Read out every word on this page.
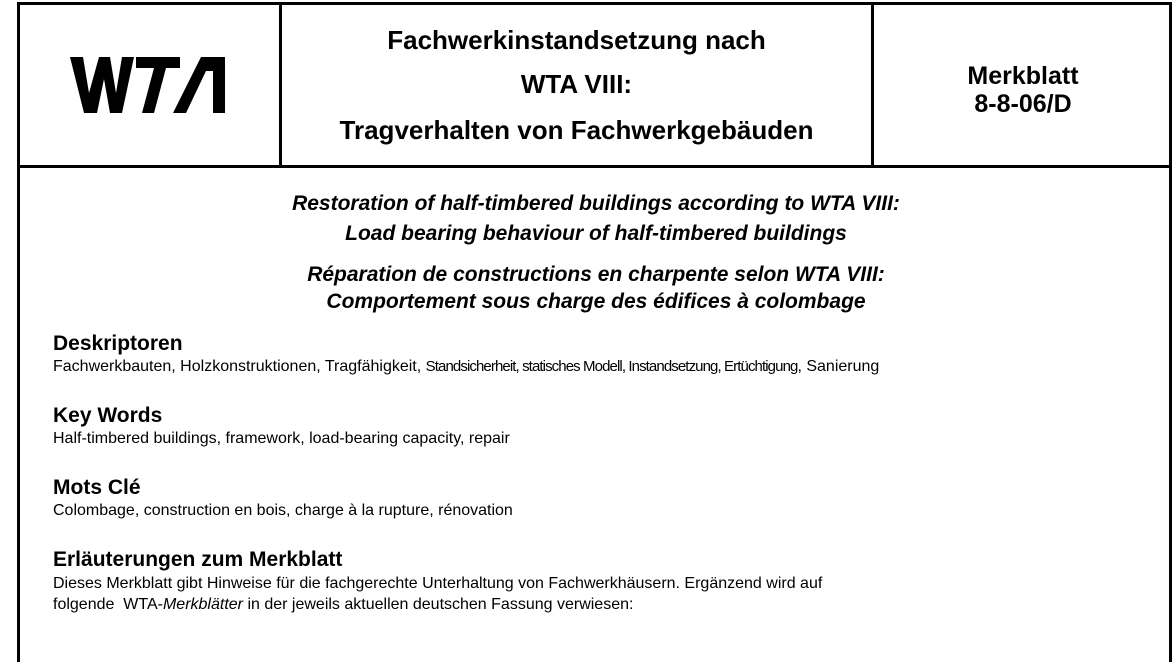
Fachwerkinstandsetzung nach
WTA VIII:
Tragverhalten von Fachwerkgebäuden
Merkblatt
8-8-06/D
Restoration of half-timbered buildings according to WTA VIII:
Load bearing behaviour of half-timbered buildings
Réparation de constructions en charpente selon WTA VIII:
Comportement sous charge des édifices à colombage
Deskriptoren
Fachwerkbauten, Holzkonstruktionen, Tragfähigkeit, Standsicherheit, statisches Modell, Instandsetzung, Ertüchtigung, Sanierung
Key Words
Half-timbered buildings, framework, load-bearing capacity, repair
Mots Clé
Colombage, construction en bois, charge à la rupture, rénovation
Erläuterungen zum Merkblatt
Dieses Merkblatt gibt Hinweise für die fachgerechte Unterhaltung von Fachwerkhäusern. Ergänzend wird auf
folgende  WTA-Merkblätter in der jeweils aktuellen deutschen Fassung verwiesen:
